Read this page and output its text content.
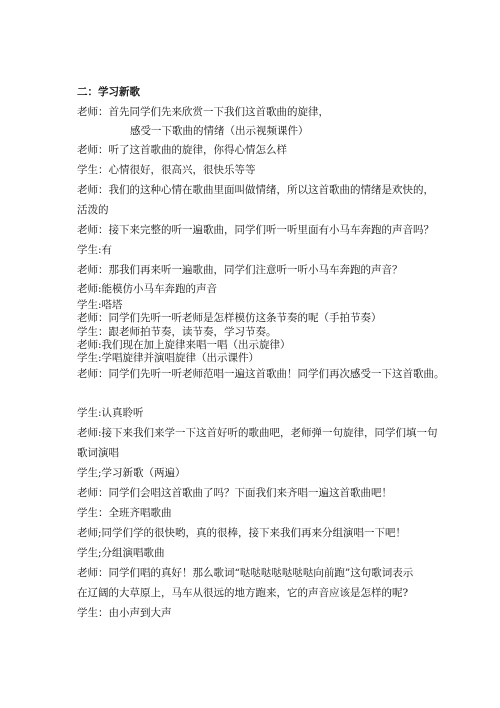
二：学习新歌

老师：首先同学们先来欣赏一下我们这首歌曲的旋律，

感受一下歌曲的情绪（出示视频课件）

老师：听了这首歌曲的旋律，你得心情怎么样

学生：心情很好，很高兴，很快乐等等

老师：我们的这种心情在歌曲里面叫做情绪，所以这首歌曲的情绪是欢快的，

活泼的

老师：接下来完整的听一遍歌曲，同学们听一听里面有小马车奔跑的声音吗？

学生:有

老师：那我们再来听一遍歌曲，同学们注意听一听小马车奔跑的声音？

老师:能模仿小马车奔跑的声音

学生:嗒塔

老师：同学们先听一听老师是怎样模仿这条节奏的呢（手拍节奏）

学生：跟老师拍节奏，读节奏，学习节奏。

老师:我们现在加上旋律来唱一唱（出示旋律）

学生:学唱旋律并演唱旋律（出示课件）

老师：同学们先听一听老师范唱一遍这首歌曲！同学们再次感受一下这首歌曲。

学生:认真聆听

老师:接下来我们来学一下这首好听的歌曲吧，老师弹一句旋律，同学们填一句

歌词演唱

学生;学习新歌（两遍）

老师：同学们会唱这首歌曲了吗？下面我们来齐唱一遍这首歌曲吧！

学生：全班齐唱歌曲

老师;同学们学的很快哟，真的很棒，接下来我们再来分组演唱一下吧！

学生;分组演唱歌曲

老师：同学们唱的真好！那么歌词“哒哒哒哒哒哒哒向前跑”这句歌词表示

在辽阔的大草原上，马车从很远的地方跑来，它的声音应该是怎样的呢?

学生：由小声到大声
